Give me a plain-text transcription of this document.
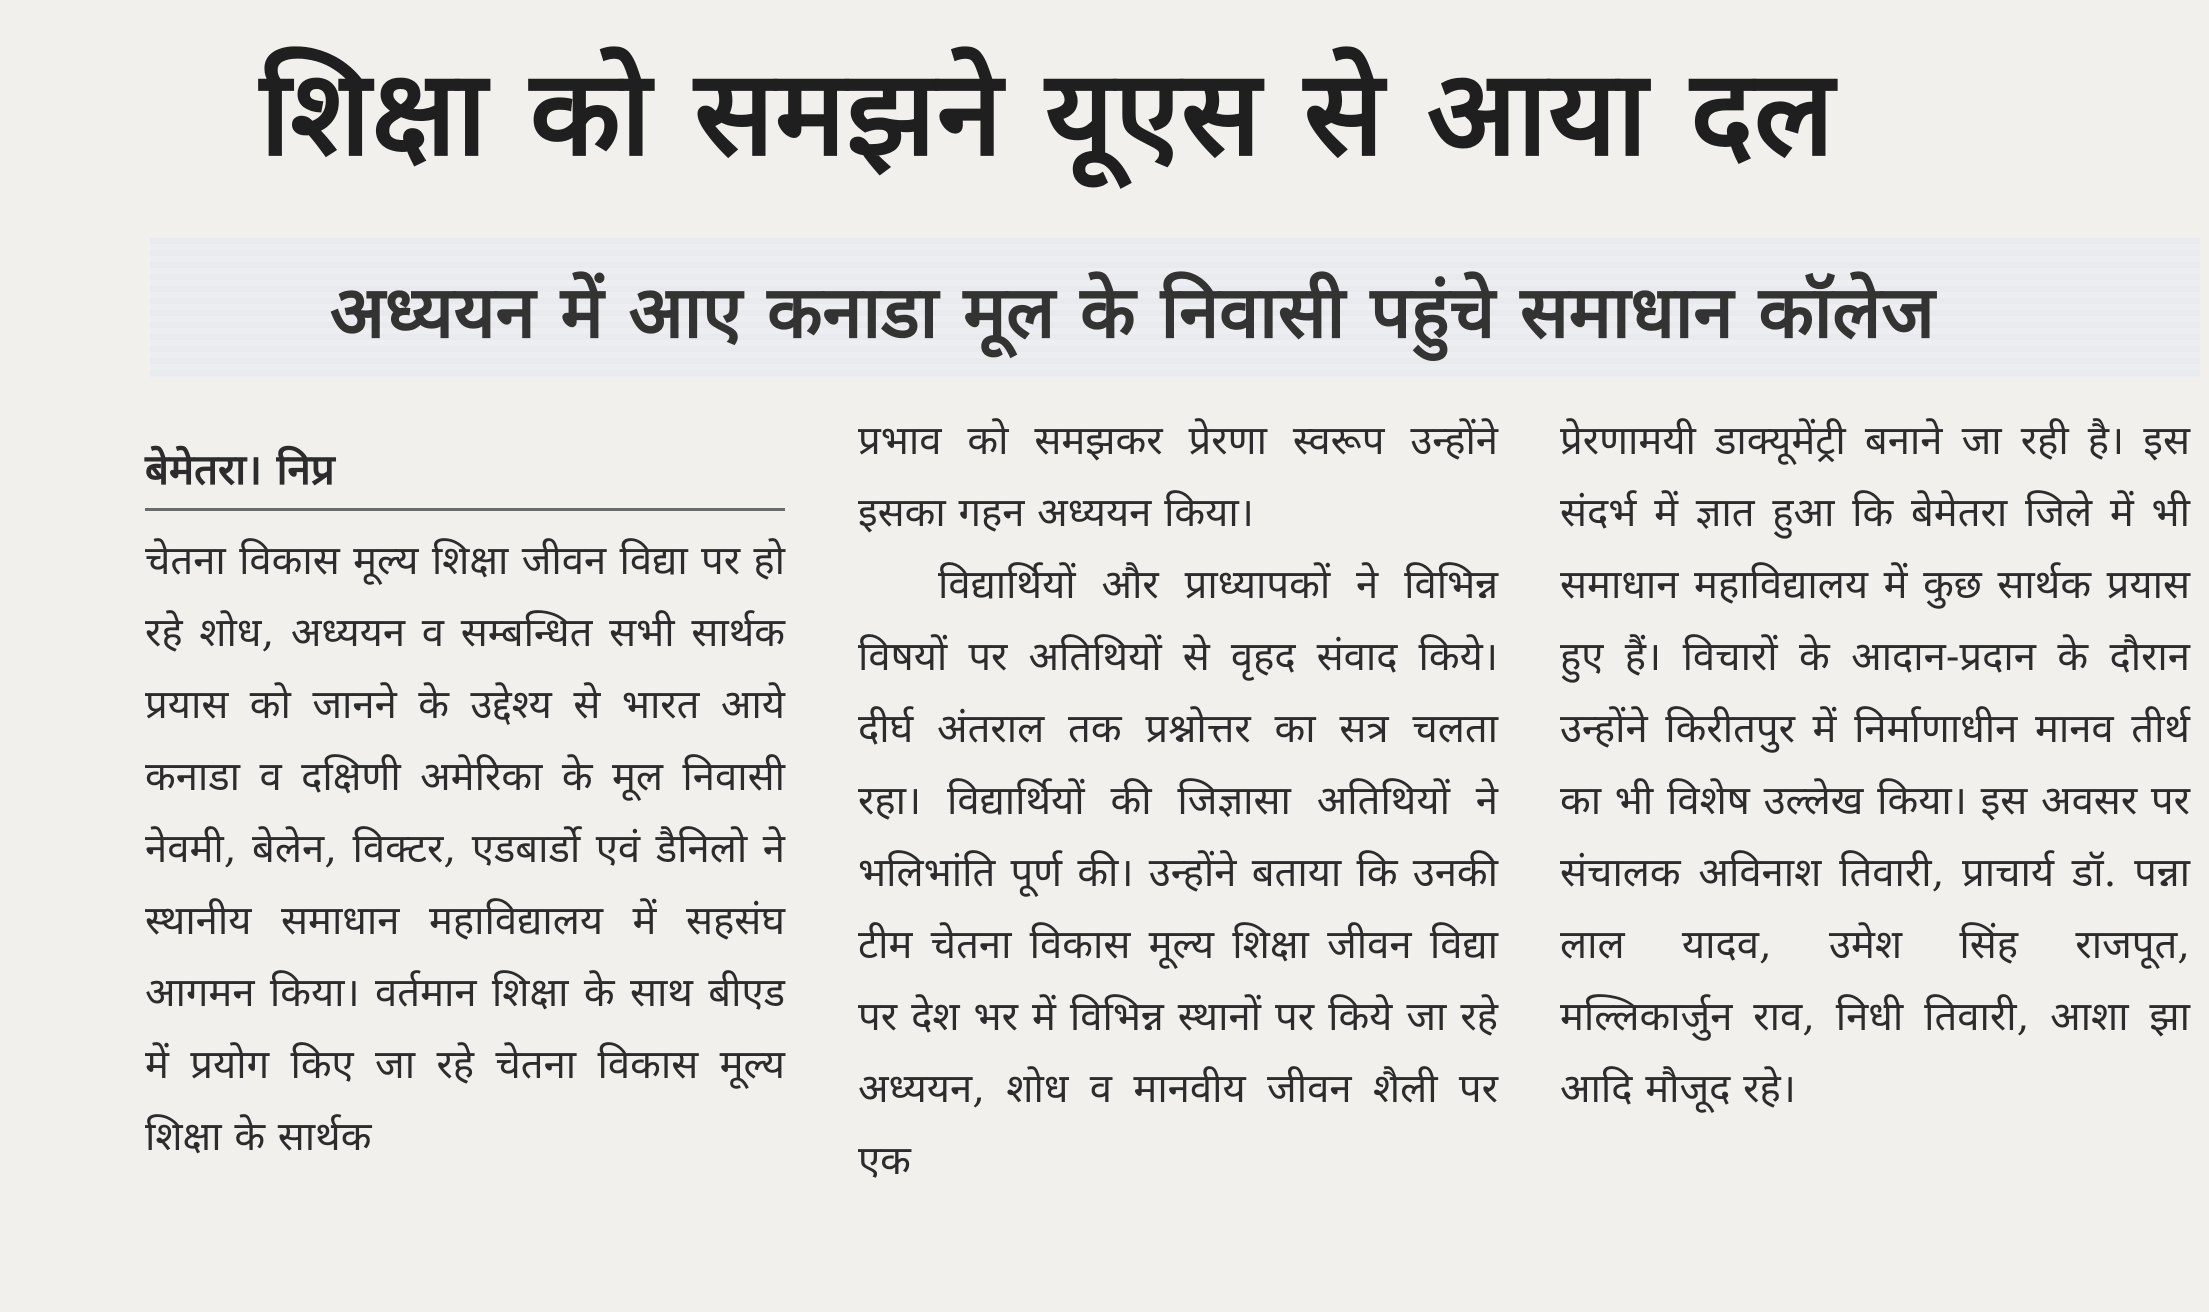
शिक्षा को समझने यूएस से आया दल
अध्ययन में आए कनाडा मूल के निवासी पहुंचे समाधान कॉलेज
बेमेतरा। निप्र

चेतना विकास मूल्य शिक्षा जीवन विद्या पर हो रहे शोध, अध्ययन व सम्बन्धित सभी सार्थक प्रयास को जानने के उद्देश्य से भारत आये कनाडा व दक्षिणी अमेरिका के मूल निवासी नेवमी, बेलेन, विक्टर, एडबार्डो एवं डैनिलो ने स्थानीय समाधान महाविद्यालय में सहसंघ आगमन किया। वर्तमान शिक्षा के साथ बीएड में प्रयोग किए जा रहे चेतना विकास मूल्य शिक्षा के सार्थक

प्रभाव को समझकर प्रेरणा स्वरूप उन्होंने इसका गहन अध्ययन किया।

विद्यार्थियों और प्राध्यापकों ने विभिन्न विषयों पर अतिथियों से वृहद संवाद किये। दीर्घ अंतराल तक प्रश्नोत्तर का सत्र चलता रहा। विद्यार्थियों की जिज्ञासा अतिथियों ने भलिभांति पूर्ण की। उन्होंने बताया कि उनकी टीम चेतना विकास मूल्य शिक्षा जीवन विद्या पर देश भर में विभिन्न स्थानों पर किये जा रहे अध्ययन, शोध व मानवीय जीवन शैली पर एक

प्रेरणामयी डाक्यूमेंट्री बनाने जा रही है। इस संदर्भ में ज्ञात हुआ कि बेमेतरा जिले में भी समाधान महाविद्यालय में कुछ सार्थक प्रयास हुए हैं। विचारों के आदान-प्रदान के दौरान उन्होंने किरीतपुर में निर्माणाधीन मानव तीर्थ का भी विशेष उल्लेख किया। इस अवसर पर संचालक अविनाश तिवारी, प्राचार्य डॉ. पन्ना लाल यादव, उमेश सिंह राजपूत, मल्लिकार्जुन राव, निधी तिवारी, आशा झा आदि मौजूद रहे।
